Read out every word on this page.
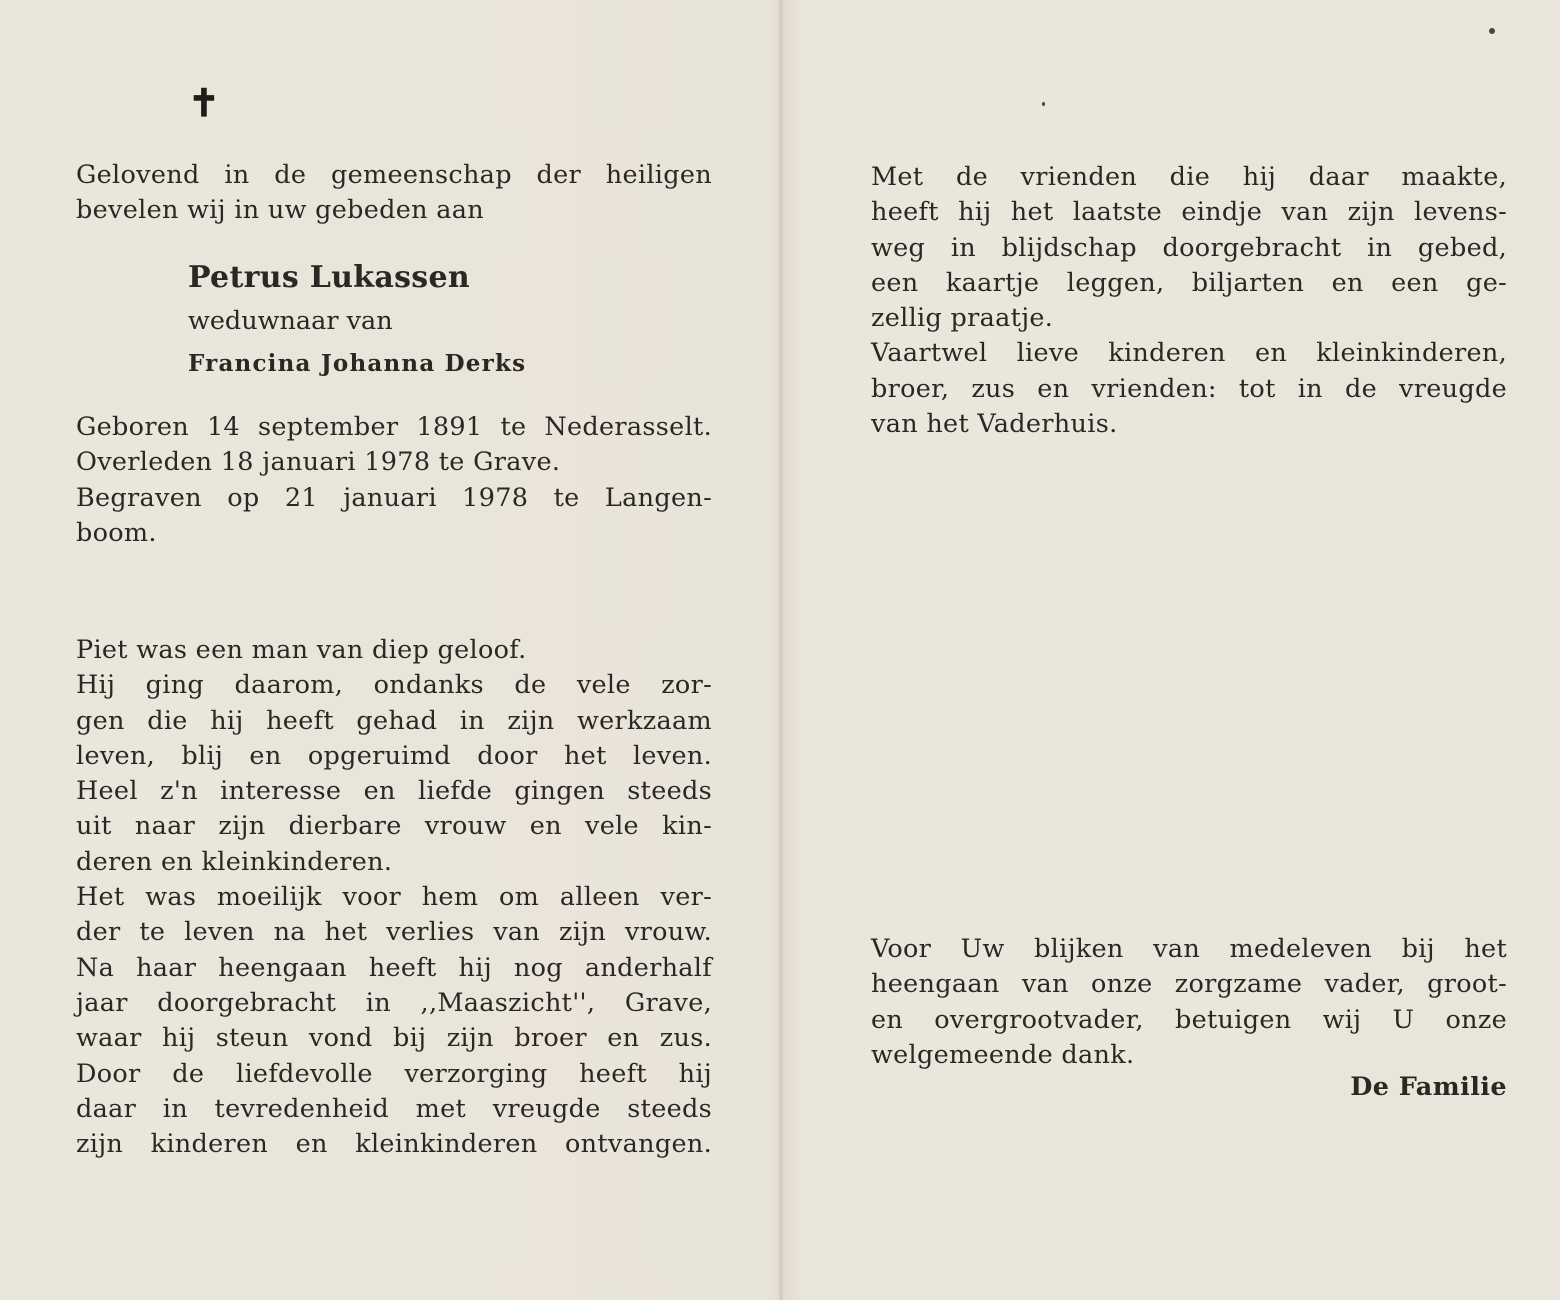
✝
Gelovend in de gemeenschap der heiligen
bevelen wij in uw gebeden aan
Petrus Lukassen
weduwnaar van
Francina Johanna Derks
Geboren 14 september 1891 te Nederasselt.
Overleden 18 januari 1978 te Grave.
Begraven op 21 januari 1978 te Langen-
boom.
Piet was een man van diep geloof.
Hij ging daarom, ondanks de vele zor-
gen die hij heeft gehad in zijn werkzaam
leven, blij en opgeruimd door het leven.
Heel z'n interesse en liefde gingen steeds
uit naar zijn dierbare vrouw en vele kin-
deren en kleinkinderen.
Het was moeilijk voor hem om alleen ver-
der te leven na het verlies van zijn vrouw.
Na haar heengaan heeft hij nog anderhalf
jaar doorgebracht in ,,Maaszicht'', Grave,
waar hij steun vond bij zijn broer en zus.
Door de liefdevolle verzorging heeft hij
daar in tevredenheid met vreugde steeds
zijn kinderen en kleinkinderen ontvangen.
Met de vrienden die hij daar maakte,
heeft hij het laatste eindje van zijn levens-
weg in blijdschap doorgebracht in gebed,
een kaartje leggen, biljarten en een ge-
zellig praatje.
Vaartwel lieve kinderen en kleinkinderen,
broer, zus en vrienden: tot in de vreugde
van het Vaderhuis.
Voor Uw blijken van medeleven bij het
heengaan van onze zorgzame vader, groot-
en overgrootvader, betuigen wij U onze
welgemeende dank.
De Familie
